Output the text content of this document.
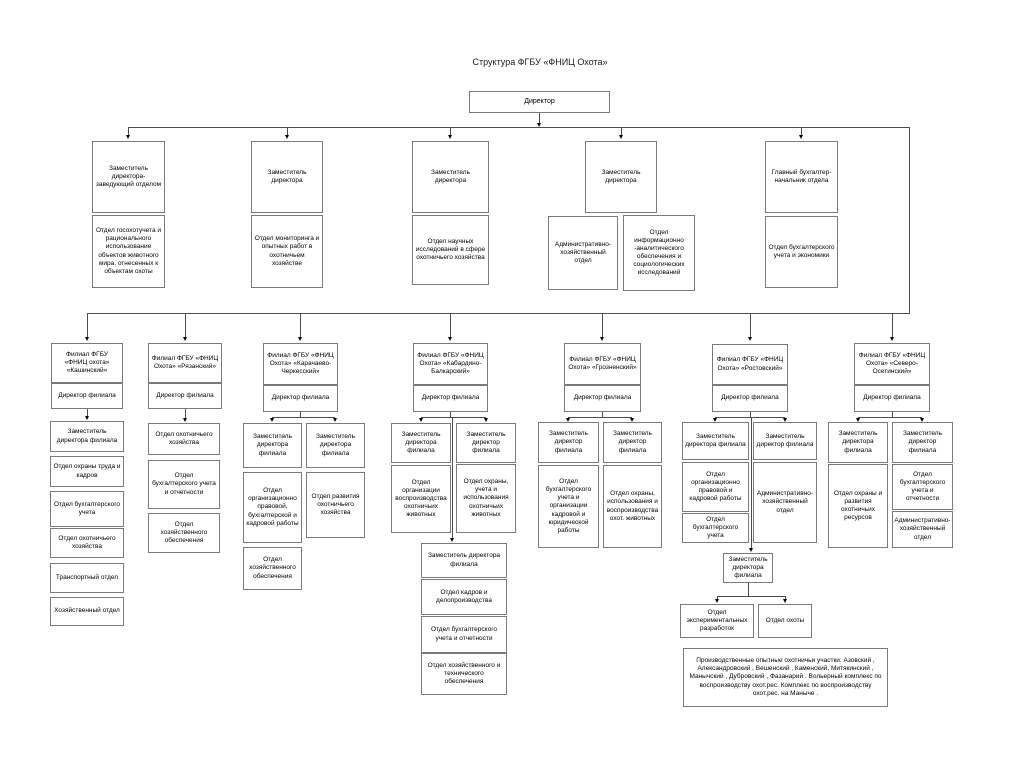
Структура ФГБУ «ФНИЦ Охота»
Директор
Заместитель директора- заведующий отделом
Отдел госохотучета и рационального использование объектов животного мира, отнесенных к объектам охоты
Заместитель директора
Отдел мониторинга и опытных работ в охотничьем хозяйстве
Заместитель директора
Отдел научных исследований в сфере охотничьего хозяйства
Заместитель директора
Административно- хозяйственный отдел
Отдел информационно -аналитического обеспечения и социологических исследований
Главный бухгалтер- начальник отдела
Отдел бухгалтерского учета и экономики
Филиал ФГБУ «ФНИЦ охота» «Кашинский»
Директор филиала
Заместитель директора филиала
Отдел охраны труда и кадров
Отдел бухгалтерского учета
Отдел охотничьего хозяйства
Транспортный отдел
Хозяйственный отдел
Филиал ФГБУ «ФНИЦ Охота» «Рязанский»
Директор филиала
Отдел охотничьего хозяйства
Отдел бухгалтерского учета и отчетности
Отдел хозяйственного обеспечения
Филиал ФГБУ «ФНИЦ Охота» «Карачаево- Черкесский»
Директор филиала
Заместитель директора филиала
Отдел организационно правовой, бухгалтерской и кадровой работы
Отдел хозяйственного обеспечения
Заместитель директора филиала
Отдел развития охотничьего хозяйства
Филиал ФГБУ «ФНИЦ Охота» «Кабардино- Балкарский»
Директор филиала
Заместитель директора филиала
Отдел организации воспроизводства охотничьих животных
Заместитель директор филиала
Отдел охраны, учета и использования охотничьих животных
Заместитель директора филиала
Отдел кадров и делопроизводства
Отдел бухгалтерского учета и отчетности
Отдел хозяйственного и технического обеспечения
Филиал ФГБУ «ФНИЦ Охота» «Грозненский»
Директор филиала
Заместитель директор филиала
Отдел бухгалтерского учета и организации кадровой и юридической работы
Заместитель директор филиала
Отдел охраны, использования и воспроизводства охот. животных
Филиал ФГБУ «ФНИЦ Охота» «Ростовский»
Директор филиала
Заместитель директора филиала
Отдел организационно правовой и кадровой работы
Отдел бухгалтерского учета
Заместитель директор филиала
Административно- хозяйственный отдел
Заместитель директора филиала
Отдел экспериментальных разработок
Отдел охоты
Производственные опытные охотничьи участки: Азовский , Александровский , Вешенский , Каменский, Митякинский , Манычский , Дубровский , Фазанарий . Вольерный комплекс по воспроизводству охот.рес. Комплекс по воспроизводству охот.рес. на Маныче .
Филиал ФГБУ «ФНИЦ Охота» «Северо- Осетинский»
Директор филиала
Заместитель директора филиала
Отдел охраны и развития охотничьих ресурсов
Заместитель директор филиала
Отдел бухгалтерского учета и отчетности
Административно- хозяйственный отдел
